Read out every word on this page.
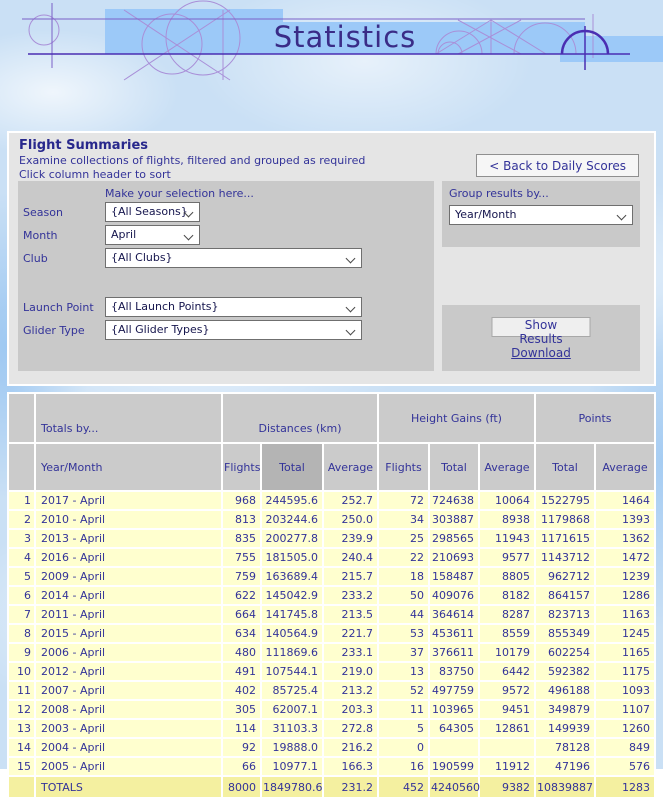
Statistics
Flight Summaries
Examine collections of flights, filtered and grouped as required
Click column header to sort
< Back to Daily Scores
Make your selection here...
Season	{All Seasons}
Month	April
Club	{All Clubs}
Launch Point	{All Launch Points}
Glider Type	{All Glider Types}
Group results by...
Year/Month
Show Results
Download
	Totals by...	Distances (km)			Height Gains (ft)			Points	
	Year/Month	Flights	Total	Average	Flights	Total	Average	Total	Average
1	2017 - April	968	244595.6	252.7	72	724638	10064	1522795	1464
2	2010 - April	813	203244.6	250.0	34	303887	8938	1179868	1393
3	2013 - April	835	200277.8	239.9	25	298565	11943	1171615	1362
4	2016 - April	755	181505.0	240.4	22	210693	9577	1143712	1472
5	2009 - April	759	163689.4	215.7	18	158487	8805	962712	1239
6	2014 - April	622	145042.9	233.2	50	409076	8182	864157	1286
7	2011 - April	664	141745.8	213.5	44	364614	8287	823713	1163
8	2015 - April	634	140564.9	221.7	53	453611	8559	855349	1245
9	2006 - April	480	111869.6	233.1	37	376611	10179	602254	1165
10	2012 - April	491	107544.1	219.0	13	83750	6442	592382	1175
11	2007 - April	402	85725.4	213.2	52	497759	9572	496188	1093
12	2008 - April	305	62007.1	203.3	11	103965	9451	349879	1107
13	2003 - April	114	31103.3	272.8	5	64305	12861	149939	1260
14	2004 - April	92	19888.0	216.2	0			78128	849
15	2005 - April	66	10977.1	166.3	16	190599	11912	47196	576
	TOTALS	8000	1849780.6	231.2	452	4240560	9382	10839887	1283
